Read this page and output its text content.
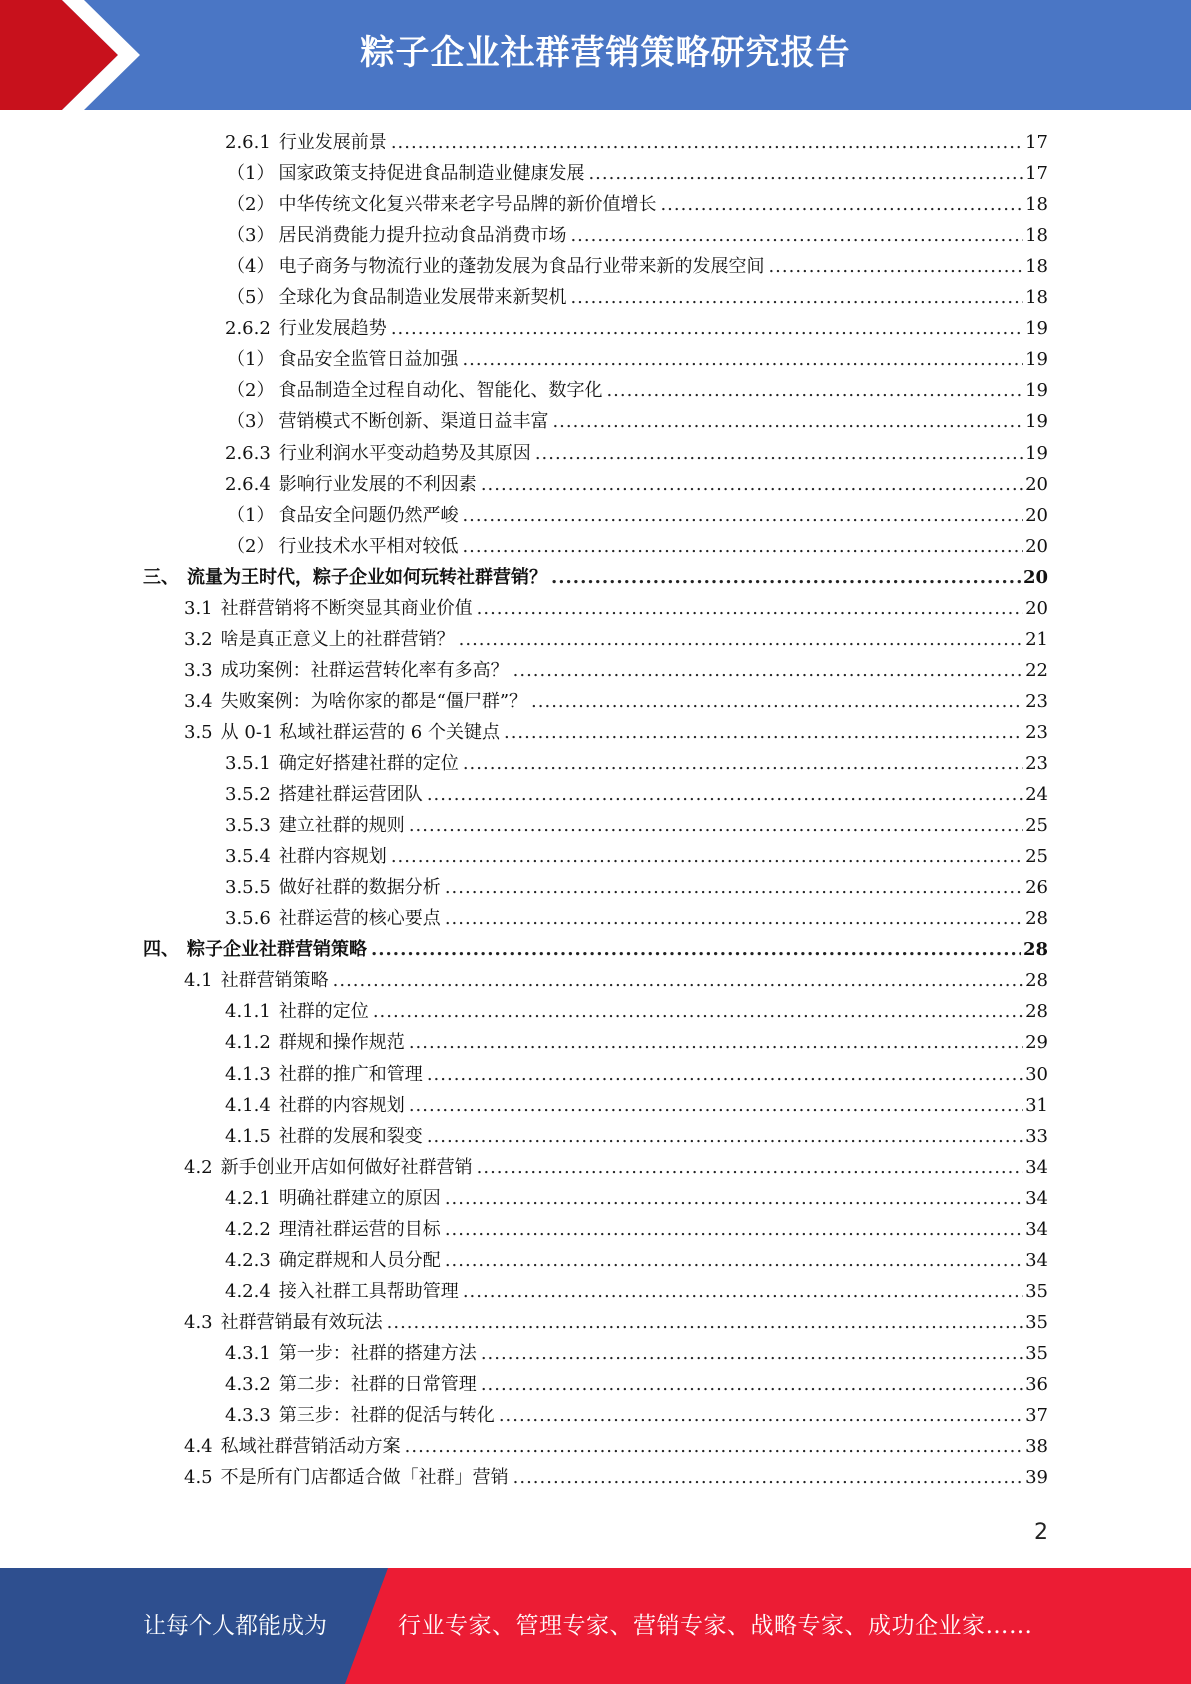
粽子企业社群营销策略研究报告
2.6.1 行业发展前景 .....	17
（1） 国家政策支持促进食品制造业健康发展 .....	17
（2） 中华传统文化复兴带来老字号品牌的新价值增长 .....	18
（3） 居民消费能力提升拉动食品消费市场 .....	18
（4） 电子商务与物流行业的蓬勃发展为食品行业带来新的发展空间 .....	18
（5） 全球化为食品制造业发展带来新契机 .....	18
2.6.2 行业发展趋势 .....	19
（1） 食品安全监管日益加强 .....	19
（2） 食品制造全过程自动化、智能化、数字化 .....	19
（3） 营销模式不断创新、渠道日益丰富 .....	19
2.6.3 行业利润水平变动趋势及其原因 .....	19
2.6.4 影响行业发展的不利因素 .....	20
（1） 食品安全问题仍然严峻 .....	20
（2） 行业技术水平相对较低 .....	20
三、 流量为王时代，粽子企业如何玩转社群营销？ .....	20
3.1 社群营销将不断突显其商业价值 .....	20
3.2 啥是真正意义上的社群营销？ .....	21
3.3 成功案例：社群运营转化率有多高？ .....	22
3.4 失败案例：为啥你家的都是“僵尸群”？ .....	23
3.5 从 0-1 私域社群运营的 6 个关键点 .....	23
3.5.1 确定好搭建社群的定位 .....	23
3.5.2 搭建社群运营团队 .....	24
3.5.3 建立社群的规则 .....	25
3.5.4 社群内容规划 .....	25
3.5.5 做好社群的数据分析 .....	26
3.5.6 社群运营的核心要点 .....	28
四、 粽子企业社群营销策略 .....	28
4.1 社群营销策略 .....	28
4.1.1 社群的定位 .....	28
4.1.2 群规和操作规范 .....	29
4.1.3 社群的推广和管理 .....	30
4.1.4 社群的内容规划 .....	31
4.1.5 社群的发展和裂变 .....	33
4.2 新手创业开店如何做好社群营销 .....	34
4.2.1 明确社群建立的原因 .....	34
4.2.2 理清社群运营的目标 .....	34
4.2.3 确定群规和人员分配 .....	34
4.2.4 接入社群工具帮助管理 .....	35
4.3 社群营销最有效玩法 .....	35
4.3.1 第一步：社群的搭建方法 .....	35
4.3.2 第二步：社群的日常管理 .....	36
4.3.3 第三步：社群的促活与转化 .....	37
4.4 私域社群营销活动方案 .....	38
4.5 不是所有门店都适合做「社群」营销 .....	39
2
让每个人都能成为	行业专家、管理专家、营销专家、战略专家、成功企业家……
